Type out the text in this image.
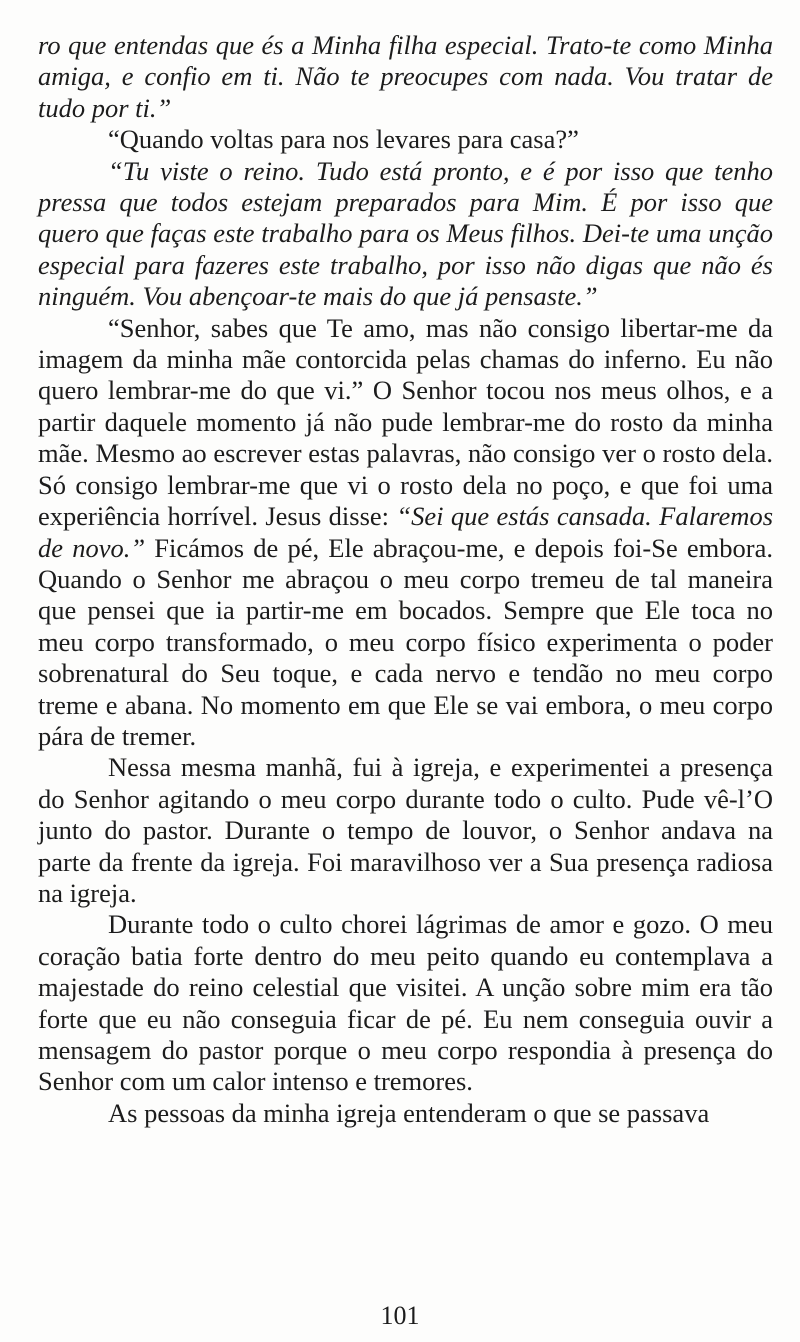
ro que entendas que és a Minha filha especial. Trato-te como Minha amiga, e confio em ti. Não te preocupes com nada. Vou tratar de tudo por ti.”

“Quando voltas para nos levares para casa?”

“Tu viste o reino. Tudo está pronto, e é por isso que tenho pressa que todos estejam preparados para Mim. É por isso que quero que faças este trabalho para os Meus filhos. Dei-te uma unção especial para fazeres este trabalho, por isso não digas que não és ninguém. Vou abençoar-te mais do que já pensaste.”

“Senhor, sabes que Te amo, mas não consigo libertar-me da imagem da minha mãe contorcida pelas chamas do inferno. Eu não quero lembrar-me do que vi.” O Senhor tocou nos meus olhos, e a partir daquele momento já não pude lembrar-me do rosto da minha mãe. Mesmo ao escrever estas palavras, não consigo ver o rosto dela. Só consigo lembrar-me que vi o rosto dela no poço, e que foi uma experiência horrível. Jesus disse: “Sei que estás cansada. Falaremos de novo.” Ficámos de pé, Ele abraçou-me, e depois foi-Se embora. Quando o Senhor me abraçou o meu corpo tremeu de tal maneira que pensei que ia partir-me em bocados. Sempre que Ele toca no meu corpo transformado, o meu corpo físico experimenta o poder sobrenatural do Seu toque, e cada nervo e tendão no meu corpo treme e abana. No momento em que Ele se vai embora, o meu corpo pára de tremer.

Nessa mesma manhã, fui à igreja, e experimentei a presença do Senhor agitando o meu corpo durante todo o culto. Pude vê-l’O junto do pastor. Durante o tempo de louvor, o Senhor andava na parte da frente da igreja. Foi maravilhoso ver a Sua presença radiosa na igreja.

Durante todo o culto chorei lágrimas de amor e gozo. O meu coração batia forte dentro do meu peito quando eu contemplava a majestade do reino celestial que visitei. A unção sobre mim era tão forte que eu não conseguia ficar de pé. Eu nem conseguia ouvir a mensagem do pastor porque o meu corpo respondia à presença do Senhor com um calor intenso e tremores.

As pessoas da minha igreja entenderam o que se passava

101
